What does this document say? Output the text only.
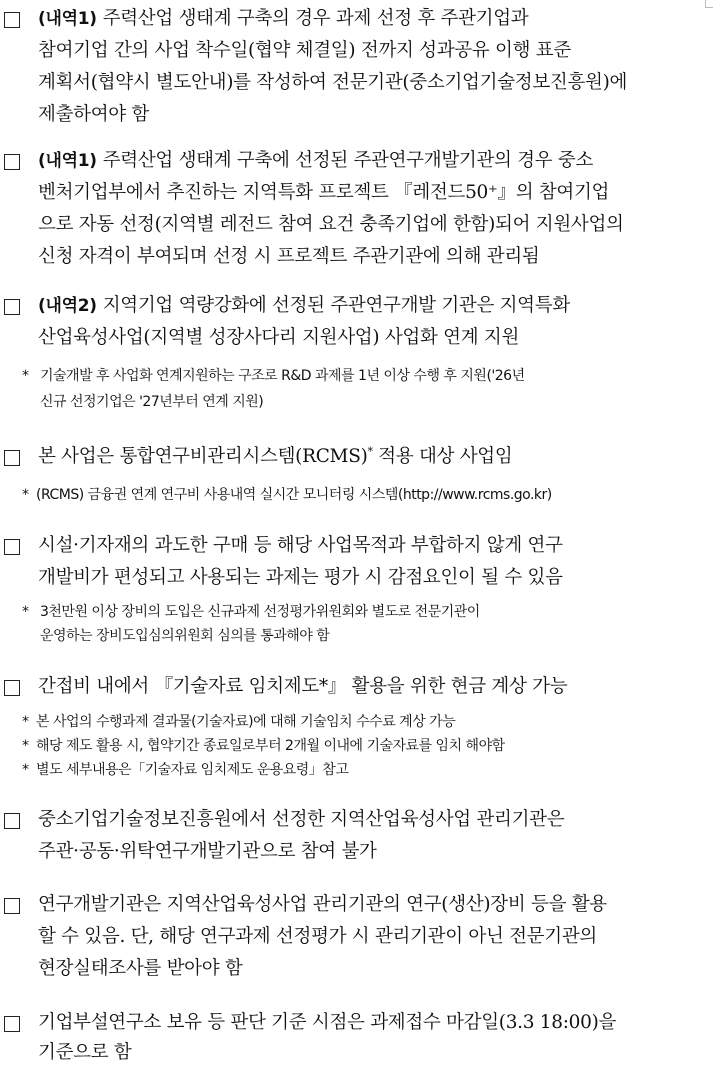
(내역1) 주력산업 생태계 구축의 경우 과제 선정 후 주관기업과
참여기업 간의 사업 착수일(협약 체결일) 전까지 성과공유 이행 표준
계획서(협약시 별도안내)를 작성하여 전문기관(중소기업기술정보진흥원)에
제출하여야 함
(내역1) 주력산업 생태계 구축에 선정된 주관연구개발기관의 경우 중소
벤처기업부에서 추진하는 지역특화 프로젝트 『레전드50⁺』의 참여기업
으로 자동 선정(지역별 레전드 참여 요건 충족기업에 한함)되어 지원사업의
신청 자격이 부여되며 선정 시 프로젝트 주관기관에 의해 관리됨
(내역2) 지역기업 역량강화에 선정된 주관연구개발 기관은 지역특화
산업육성사업(지역별 성장사다리 지원사업) 사업화 연계 지원
* 기술개발 후 사업화 연계지원하는 구조로 R&D 과제를 1년 이상 수행 후 지원('26년
신규 선정기업은 '27년부터 연계 지원)
본 사업은 통합연구비관리시스템(RCMS)* 적용 대상 사업임
* (RCMS) 금융권 연계 연구비 사용내역 실시간 모니터링 시스템(http://www.rcms.go.kr)
시설·기자재의 과도한 구매 등 해당 사업목적과 부합하지 않게 연구
개발비가 편성되고 사용되는 과제는 평가 시 감점요인이 될 수 있음
* 3천만원 이상 장비의 도입은 신규과제 선정평가위원회와 별도로 전문기관이
운영하는 장비도입심의위원회 심의를 통과해야 함
간접비 내에서 『기술자료 임치제도*』 활용을 위한 현금 계상 가능
* 본 사업의 수행과제 결과물(기술자료)에 대해 기술임치 수수료 계상 가능
* 해당 제도 활용 시, 협약기간 종료일로부터 2개월 이내에 기술자료를 임치 해야함
* 별도 세부내용은「기술자료 임치제도 운용요령」참고
중소기업기술정보진흥원에서 선정한 지역산업육성사업 관리기관은
주관·공동·위탁연구개발기관으로 참여 불가
연구개발기관은 지역산업육성사업 관리기관의 연구(생산)장비 등을 활용
할 수 있음. 단, 해당 연구과제 선정평가 시 관리기관이 아닌 전문기관의
현장실태조사를 받아야 함
기업부설연구소 보유 등 판단 기준 시점은 과제접수 마감일(3.3 18:00)을
기준으로 함
